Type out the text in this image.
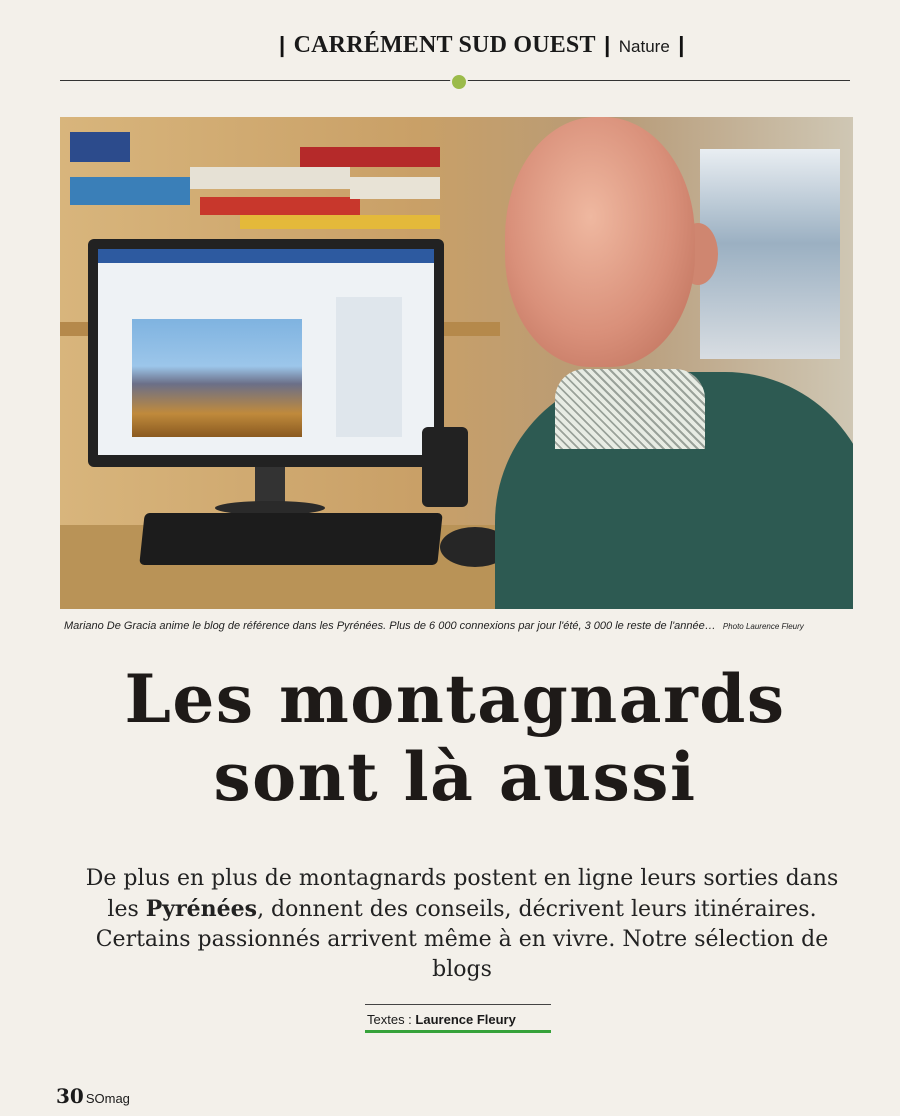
| CARRÉMENT SUD OUEST | Nature |
Mariano De Gracia anime le blog de référence dans les Pyrénées. Plus de 6 000 connexions par jour l'été, 3 000 le reste de l'année… Photo Laurence Fleury
Les montagnards
sont là aussi
De plus en plus de montagnards postent en ligne leurs sorties dans les Pyrénées, donnent des conseils, décrivent leurs itinéraires. Certains passionnés arrivent même à en vivre. Notre sélection de blogs
Textes : Laurence Fleury
30 SOmag
